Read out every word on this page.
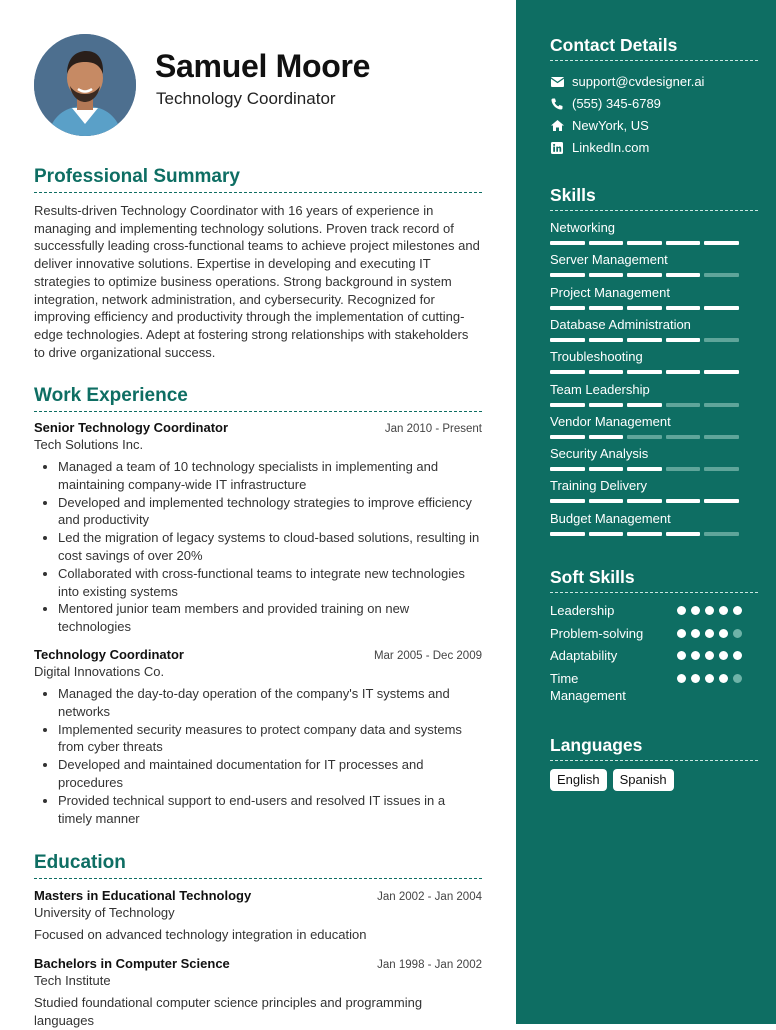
Samuel Moore
Technology Coordinator
Professional Summary
Results-driven Technology Coordinator with 16 years of experience in managing and implementing technology solutions. Proven track record of successfully leading cross-functional teams to achieve project milestones and deliver innovative solutions. Expertise in developing and executing IT strategies to optimize business operations. Strong background in system integration, network administration, and cybersecurity. Recognized for improving efficiency and productivity through the implementation of cutting-edge technologies. Adept at fostering strong relationships with stakeholders to drive organizational success.
Work Experience
Senior Technology Coordinator	Jan 2010 - Present
Tech Solutions Inc.
• Managed a team of 10 technology specialists in implementing and maintaining company-wide IT infrastructure
• Developed and implemented technology strategies to improve efficiency and productivity
• Led the migration of legacy systems to cloud-based solutions, resulting in cost savings of over 20%
• Collaborated with cross-functional teams to integrate new technologies into existing systems
• Mentored junior team members and provided training on new technologies
Technology Coordinator	Mar 2005 - Dec 2009
Digital Innovations Co.
• Managed the day-to-day operation of the company's IT systems and networks
• Implemented security measures to protect company data and systems from cyber threats
• Developed and maintained documentation for IT processes and procedures
• Provided technical support to end-users and resolved IT issues in a timely manner
Education
Masters in Educational Technology	Jan 2002 - Jan 2004
University of Technology
Focused on advanced technology integration in education
Bachelors in Computer Science	Jan 1998 - Jan 2002
Tech Institute
Studied foundational computer science principles and programming languages
Contact Details
support@cvdesigner.ai
(555) 345-6789
NewYork, US
LinkedIn.com
Skills
Networking
Server Management
Project Management
Database Administration
Troubleshooting
Team Leadership
Vendor Management
Security Analysis
Training Delivery
Budget Management
Soft Skills
Leadership
Problem-solving
Adaptability
Time Management
Languages
English	Spanish
